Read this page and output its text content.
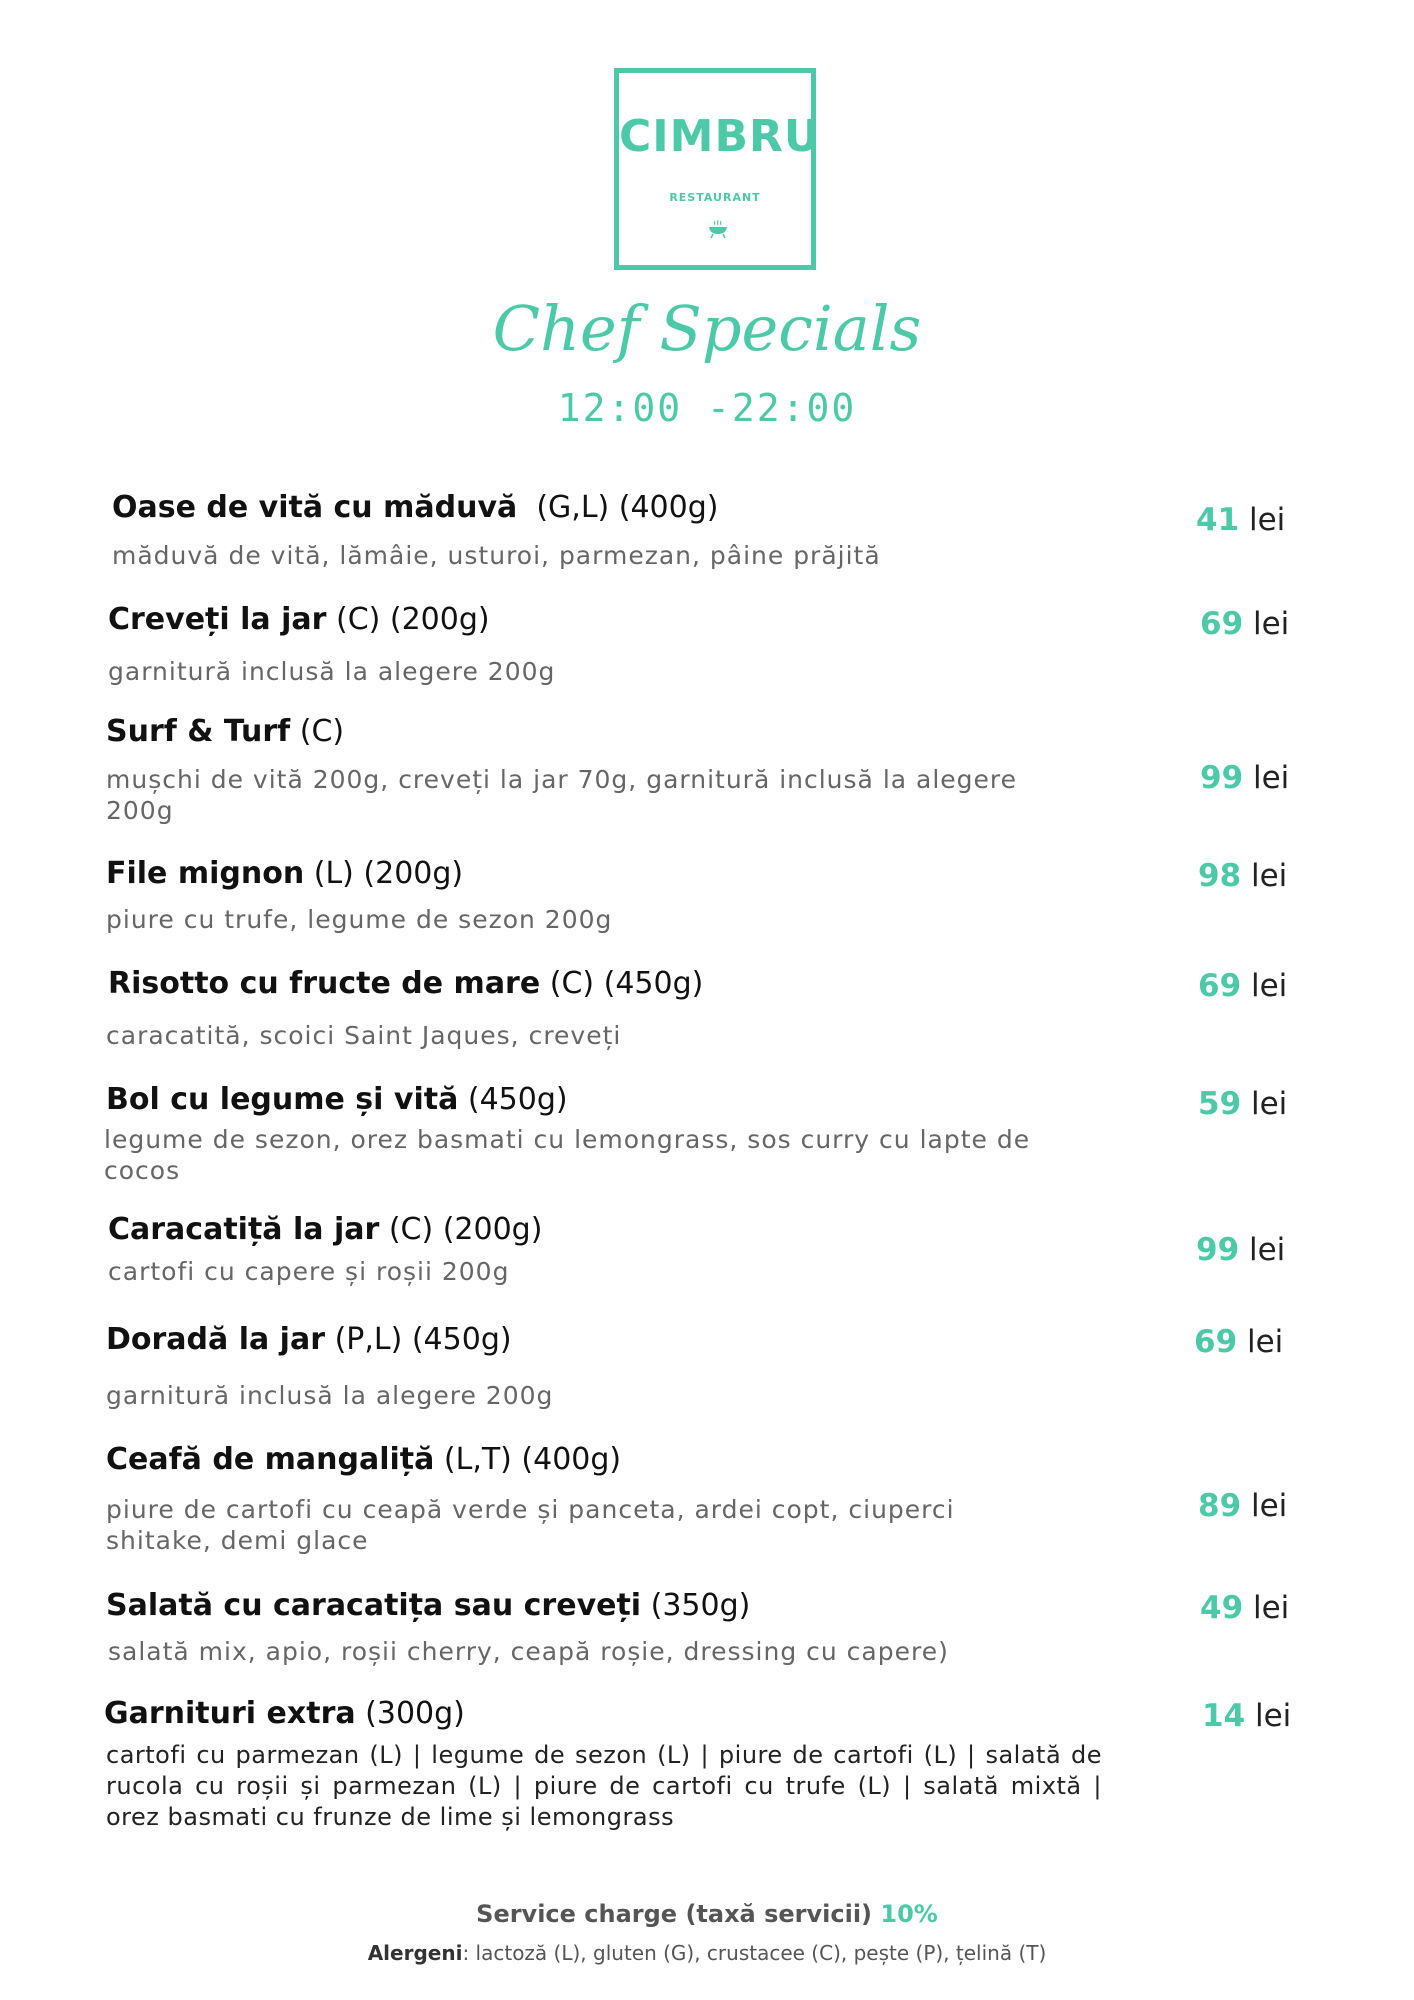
CIMBRU
RESTAURANT
Chef Specials
12:00 -22:00
Oase de vită cu măduvă (G,L) (400g)
măduvă de vită, lămâie, usturoi, parmezan, pâine prăjită
41 lei
Creveți la jar (C) (200g)
garnitură inclusă la alegere 200g
69 lei
Surf & Turf (C)
mușchi de vită 200g, creveți la jar 70g, garnitură inclusă la alegere 200g
99 lei
File mignon (L) (200g)
piure cu trufe, legume de sezon 200g
98 lei
Risotto cu fructe de mare (C) (450g)
caracatită, scoici Saint Jaques, creveți
69 lei
Bol cu legume și vită (450g)
legume de sezon, orez basmati cu lemongrass, sos curry cu lapte de cocos
59 lei
Caracatiță la jar (C) (200g)
cartofi cu capere și roșii 200g
99 lei
Doradă la jar (P,L) (450g)
garnitură inclusă la alegere 200g
69 lei
Ceafă de mangaliță (L,T) (400g)
piure de cartofi cu ceapă verde și panceta, ardei copt, ciuperci shitake, demi glace
89 lei
Salată cu caracatița sau creveți (350g)
salată mix, apio, roșii cherry, ceapă roșie, dressing cu capere)
49 lei
Garnituri extra (300g)
cartofi cu parmezan (L) | legume de sezon (L) | piure de cartofi (L) | salată de rucola cu roșii și parmezan (L) | piure de cartofi cu trufe (L) | salată mixtă | orez basmati cu frunze de lime și lemongrass
14 lei
Service charge (taxă servicii) 10%
Alergeni: lactoză (L), gluten (G), crustacee (C), pește (P), țelină (T)
